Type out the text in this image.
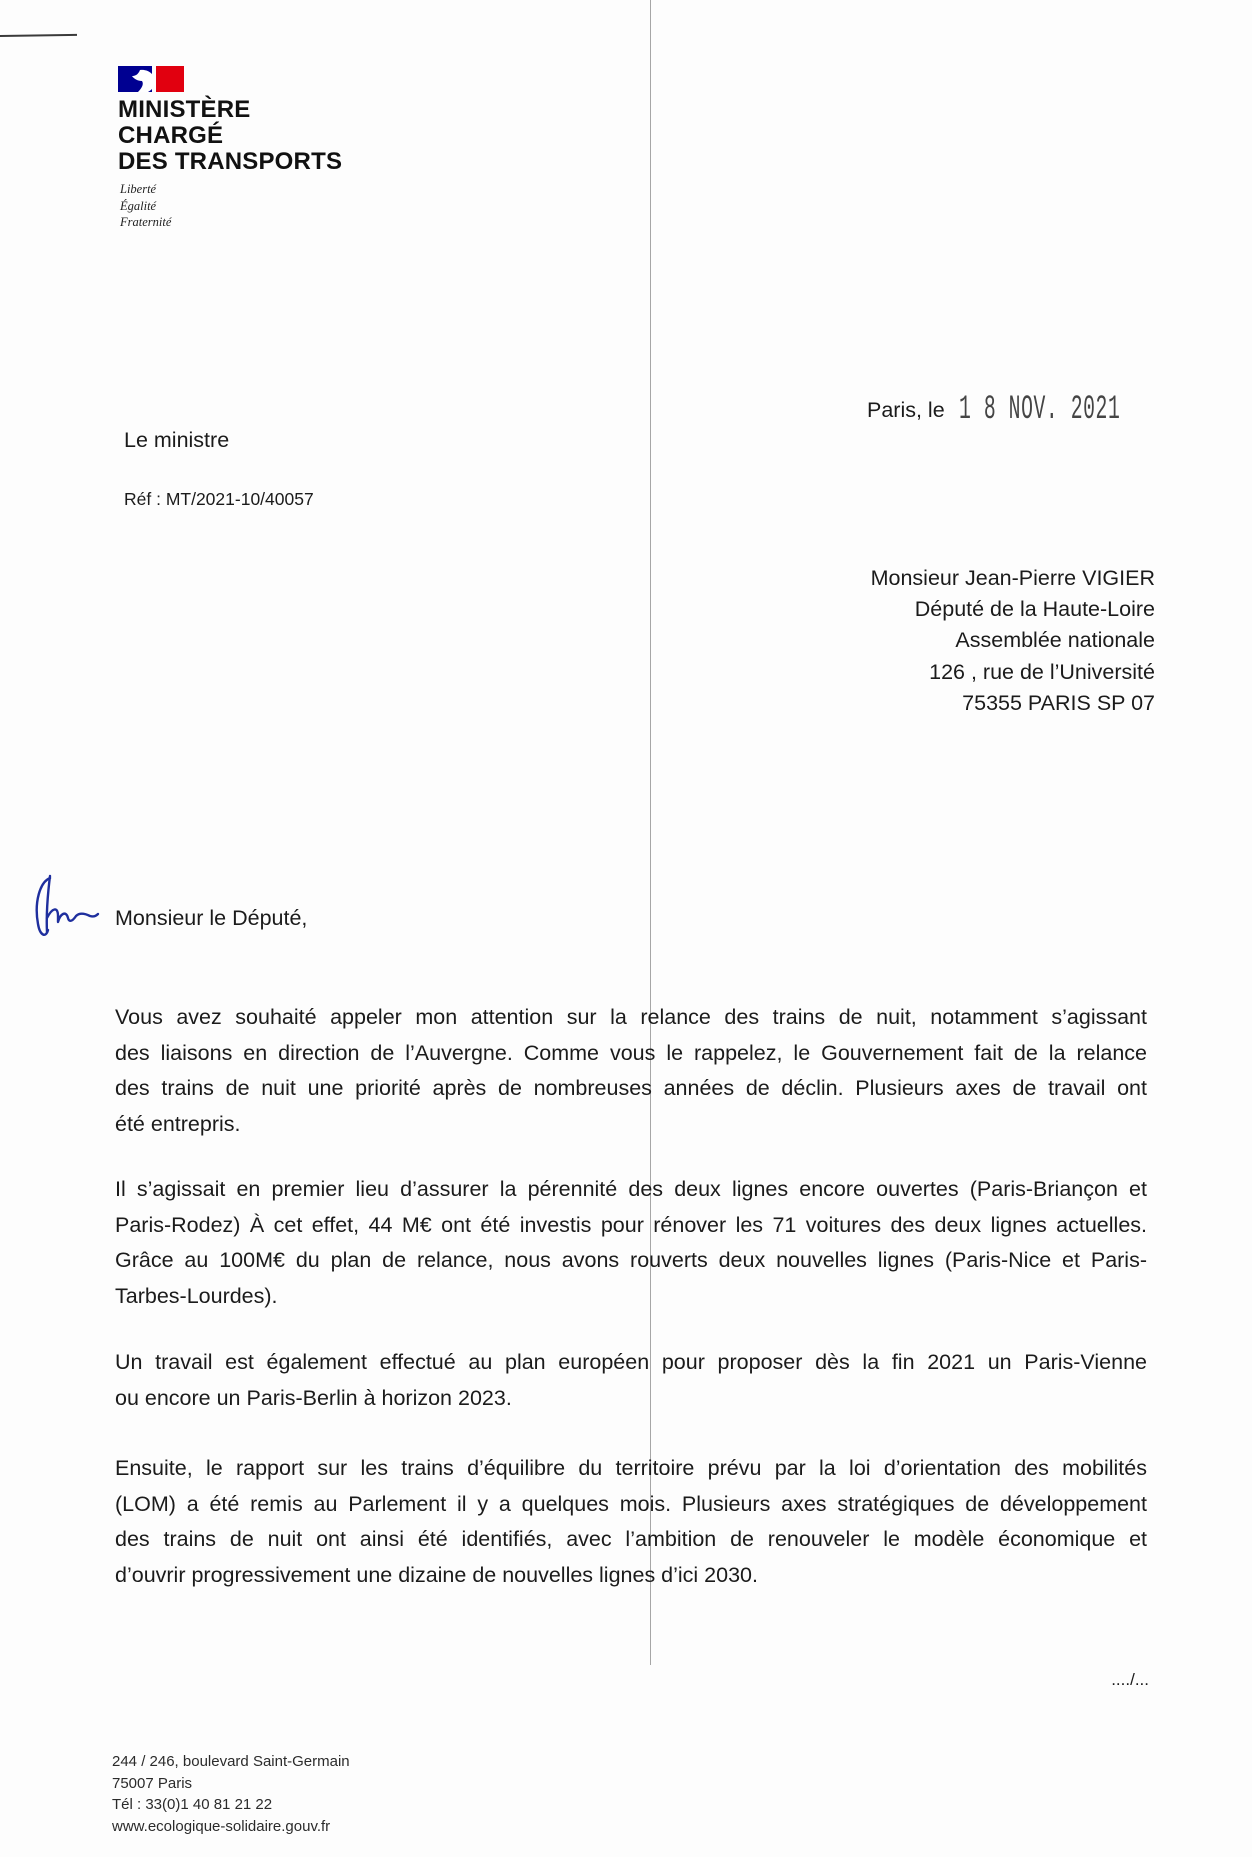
MINISTÈRE
CHARGÉ
DES TRANSPORTS
Liberté
Égalité
Fraternité
Paris, le 1 8 NOV. 2021
Le ministre
Réf : MT/2021-10/40057
Monsieur Jean-Pierre VIGIER
Député de la Haute-Loire
Assemblée nationale
126 , rue de l’Université
75355 PARIS SP 07
Monsieur le Député,
Vous avez souhaité appeler mon attention sur la relance des trains de nuit, notamment s’agissant
des liaisons en direction de l’Auvergne. Comme vous le rappelez, le Gouvernement fait de la relance
des trains de nuit une priorité après de nombreuses années de déclin. Plusieurs axes de travail ont
été entrepris.
Il s’agissait en premier lieu d’assurer la pérennité des deux lignes encore ouvertes (Paris-Briançon et
Paris-Rodez) À cet effet, 44 M€ ont été investis pour rénover les 71 voitures des deux lignes actuelles.
Grâce au 100M€ du plan de relance, nous avons rouverts deux nouvelles lignes (Paris-Nice et Paris-
Tarbes-Lourdes).
Un travail est également effectué au plan européen pour proposer dès la fin 2021 un Paris-Vienne
ou encore un Paris-Berlin à horizon 2023.
Ensuite, le rapport sur les trains d’équilibre du territoire prévu par la loi d’orientation des mobilités
(LOM) a été remis au Parlement il y a quelques mois. Plusieurs axes stratégiques de développement
des trains de nuit ont ainsi été identifiés, avec l’ambition de renouveler le modèle économique et
d’ouvrir progressivement une dizaine de nouvelles lignes d’ici 2030.
..../...
244 / 246, boulevard Saint-Germain
75007 Paris
Tél : 33(0)1 40 81 21 22
www.ecologique-solidaire.gouv.fr
